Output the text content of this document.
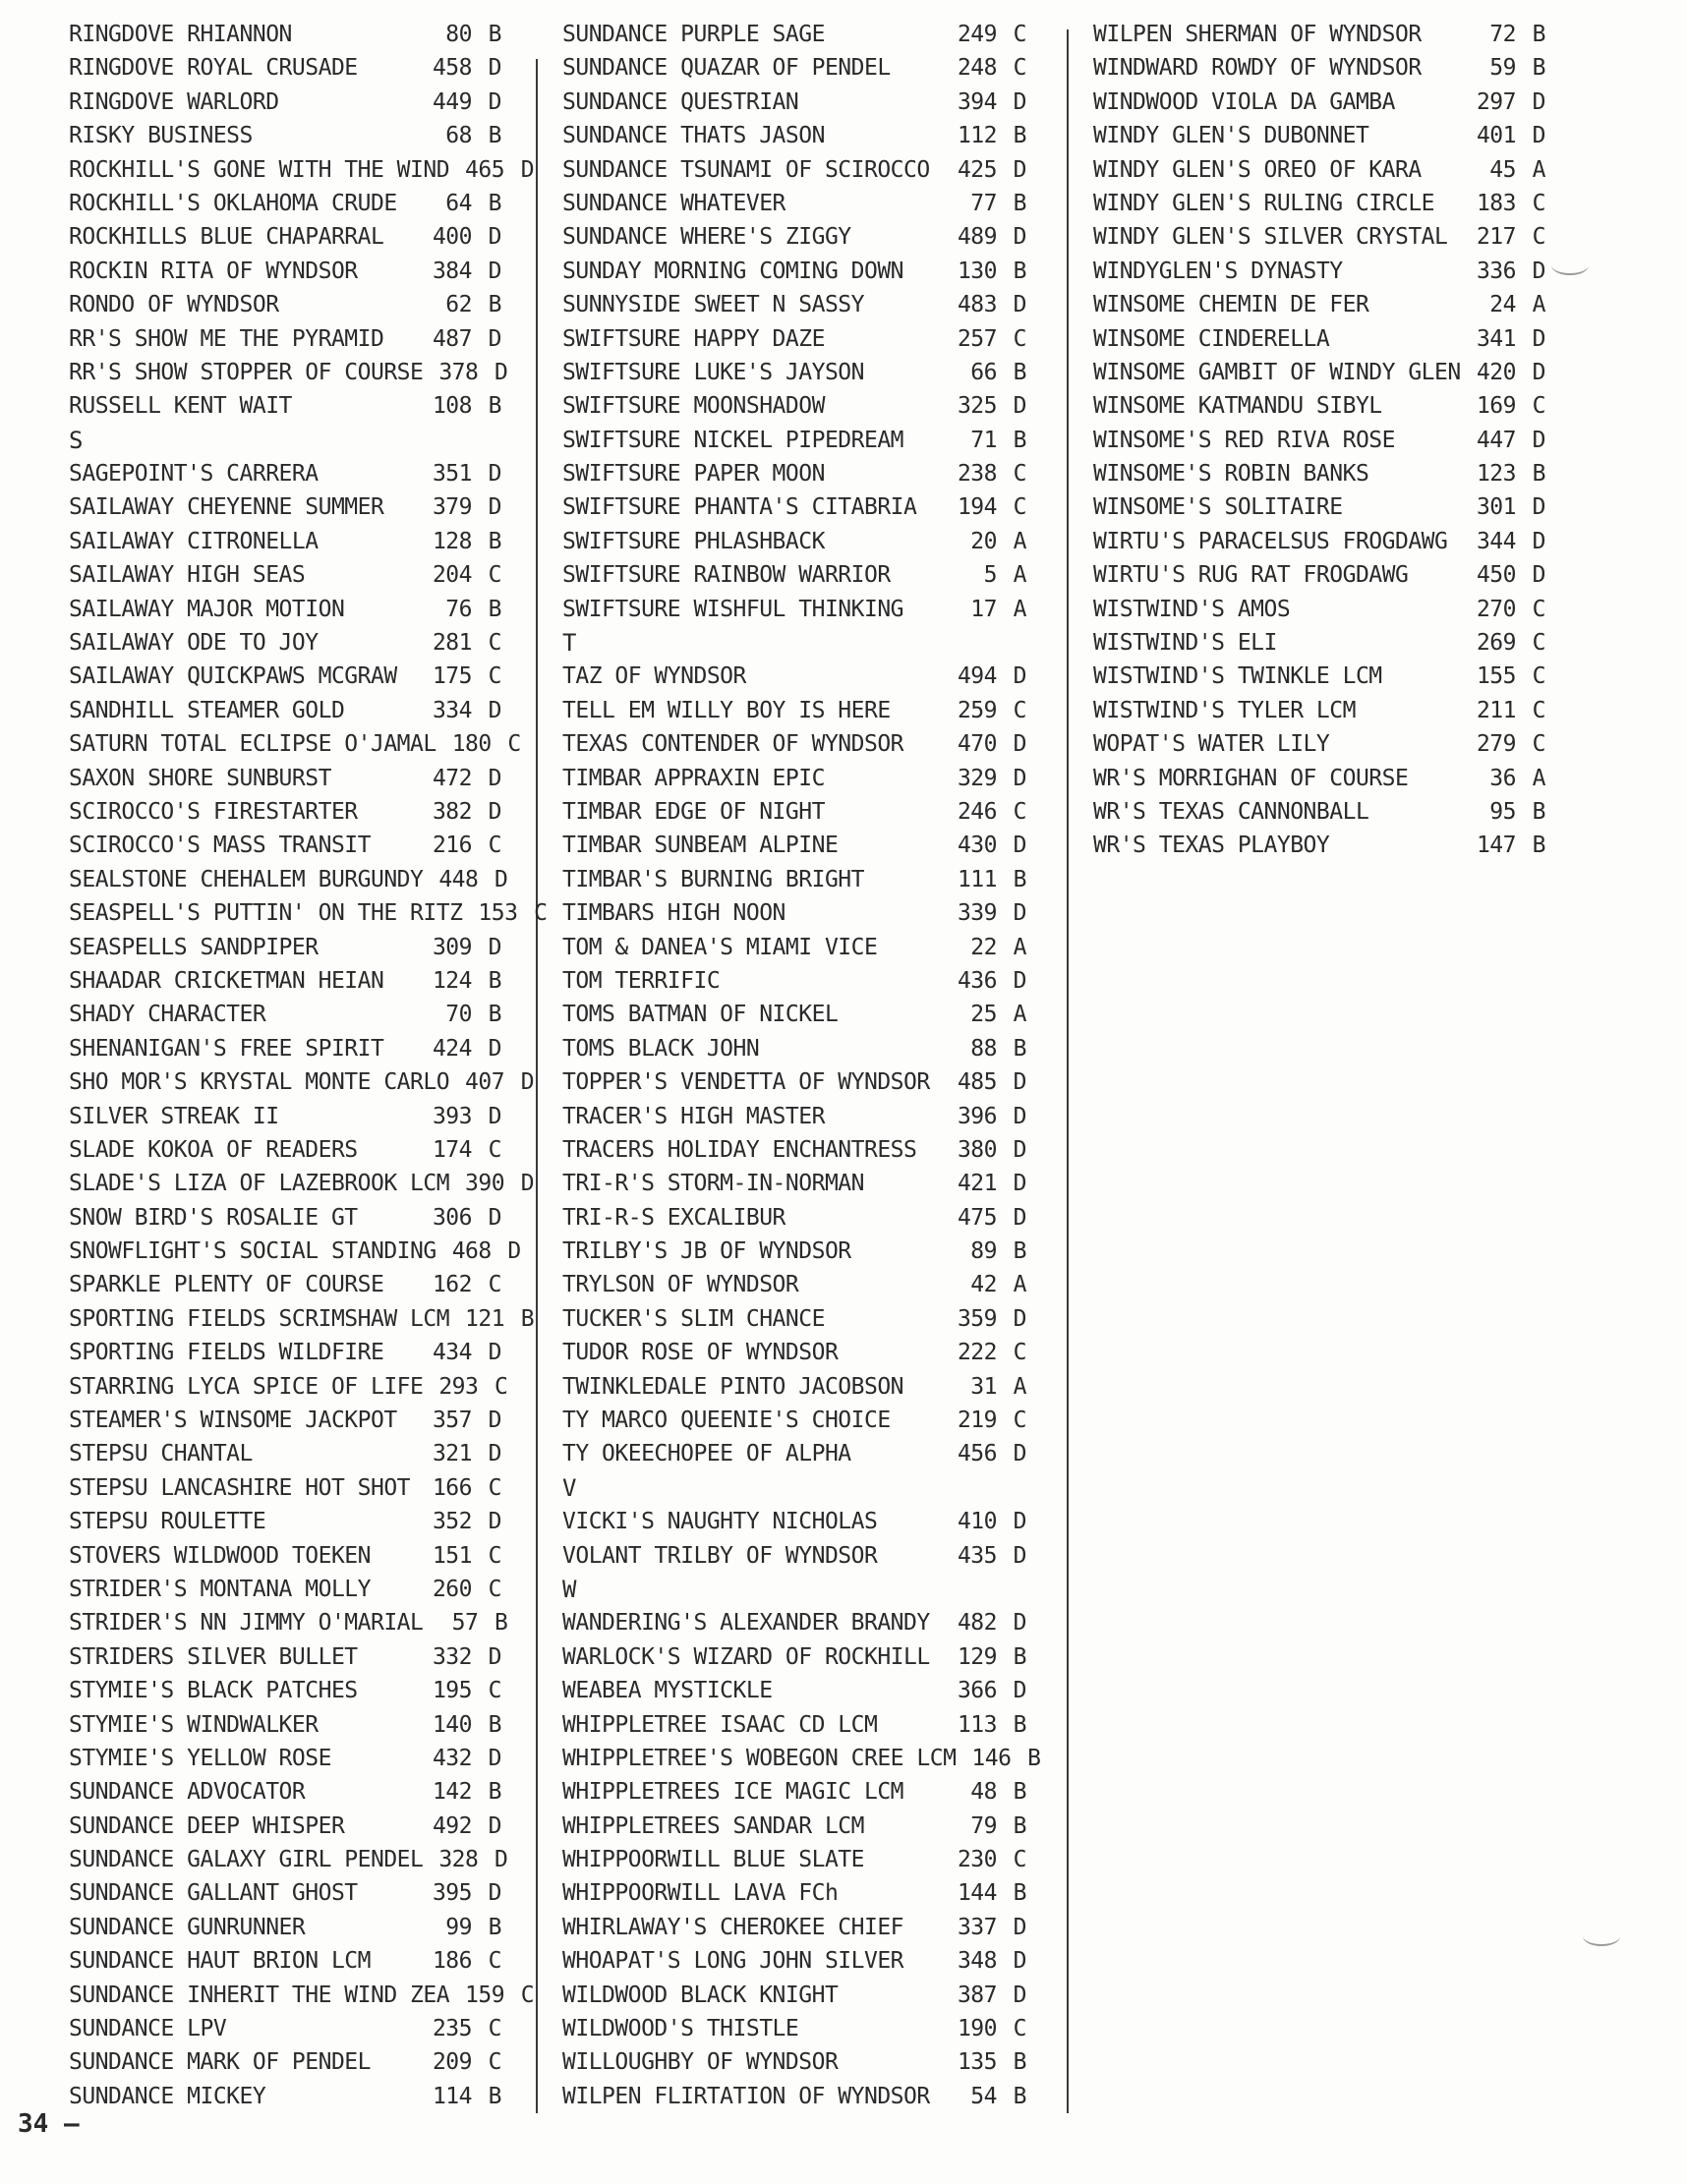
RINGDOVE RHIANNON	80 B
RINGDOVE ROYAL CRUSADE	458 D
RINGDOVE WARLORD	449 D
RISKY BUSINESS	68 B
ROCKHILL'S GONE WITH THE WIND 465 D
ROCKHILL'S OKLAHOMA CRUDE	64 B
ROCKHILLS BLUE CHAPARRAL	400 D
ROCKIN RITA OF WYNDSOR	384 D
RONDO OF WYNDSOR	62 B
RR'S SHOW ME THE PYRAMID	487 D
RR'S SHOW STOPPER OF COURSE 378 D
RUSSELL KENT WAIT	108 B
S
SAGEPOINT'S CARRERA	351 D
SAILAWAY CHEYENNE SUMMER	379 D
SAILAWAY CITRONELLA	128 B
SAILAWAY HIGH SEAS	204 C
SAILAWAY MAJOR MOTION	76 B
SAILAWAY ODE TO JOY	281 C
SAILAWAY QUICKPAWS MCGRAW	175 C
SANDHILL STEAMER GOLD	334 D
SATURN TOTAL ECLIPSE O'JAMAL 180 C
SAXON SHORE SUNBURST	472 D
SCIROCCO'S FIRESTARTER	382 D
SCIROCCO'S MASS TRANSIT	216 C
SEALSTONE CHEHALEM BURGUNDY 448 D
SEASPELL'S PUTTIN' ON THE RITZ 153 C
SEASPELLS SANDPIPER	309 D
SHAADAR CRICKETMAN HEIAN	124 B
SHADY CHARACTER	70 B
SHENANIGAN'S FREE SPIRIT	424 D
SHO MOR'S KRYSTAL MONTE CARLO 407 D
SILVER STREAK II	393 D
SLADE KOKOA OF READERS	174 C
SLADE'S LIZA OF LAZEBROOK LCM 390 D
SNOW BIRD'S ROSALIE GT	306 D
SNOWFLIGHT'S SOCIAL STANDING 468 D
SPARKLE PLENTY OF COURSE	162 C
SPORTING FIELDS SCRIMSHAW LCM 121 B
SPORTING FIELDS WILDFIRE	434 D
STARRING LYCA SPICE OF LIFE 293 C
STEAMER'S WINSOME JACKPOT	357 D
STEPSU CHANTAL	321 D
STEPSU LANCASHIRE HOT SHOT 166 C
STEPSU ROULETTE	352 D
STOVERS WILDWOOD TOEKEN	151 C
STRIDER'S MONTANA MOLLY	260 C
STRIDER'S NN JIMMY O'MARIAL	57 B
STRIDERS SILVER BULLET	332 D
STYMIE'S BLACK PATCHES	195 C
STYMIE'S WINDWALKER	140 B
STYMIE'S YELLOW ROSE	432 D
SUNDANCE ADVOCATOR	142 B
SUNDANCE DEEP WHISPER	492 D
SUNDANCE GALAXY GIRL PENDEL 328 D
SUNDANCE GALLANT GHOST	395 D
SUNDANCE GUNRUNNER	99 B
SUNDANCE HAUT BRION LCM	186 C
SUNDANCE INHERIT THE WIND ZEA 159 C
SUNDANCE LPV	235 C
SUNDANCE MARK OF PENDEL	209 C
SUNDANCE MICKEY	114 B
SUNDANCE PURPLE SAGE	249 C
SUNDANCE QUAZAR OF PENDEL	248 C
SUNDANCE QUESTRIAN	394 D
SUNDANCE THATS JASON	112 B
SUNDANCE TSUNAMI OF SCIROCCO	425 D
SUNDANCE WHATEVER	77 B
SUNDANCE WHERE'S ZIGGY	489 D
SUNDAY MORNING COMING DOWN	130 B
SUNNYSIDE SWEET N SASSY	483 D
SWIFTSURE HAPPY DAZE	257 C
SWIFTSURE LUKE'S JAYSON	66 B
SWIFTSURE MOONSHADOW	325 D
SWIFTSURE NICKEL PIPEDREAM	71 B
SWIFTSURE PAPER MOON	238 C
SWIFTSURE PHANTA'S CITABRIA	194 C
SWIFTSURE PHLASHBACK	20 A
SWIFTSURE RAINBOW WARRIOR	5 A
SWIFTSURE WISHFUL THINKING	17 A
T
TAZ OF WYNDSOR	494 D
TELL EM WILLY BOY IS HERE	259 C
TEXAS CONTENDER OF WYNDSOR	470 D
TIMBAR APPRAXIN EPIC	329 D
TIMBAR EDGE OF NIGHT	246 C
TIMBAR SUNBEAM ALPINE	430 D
TIMBAR'S BURNING BRIGHT	111 B
TIMBARS HIGH NOON	339 D
TOM & DANEA'S MIAMI VICE	22 A
TOM TERRIFIC	436 D
TOMS BATMAN OF NICKEL	25 A
TOMS BLACK JOHN	88 B
TOPPER'S VENDETTA OF WYNDSOR	485 D
TRACER'S HIGH MASTER	396 D
TRACERS HOLIDAY ENCHANTRESS	380 D
TRI-R'S STORM-IN-NORMAN	421 D
TRI-R-S EXCALIBUR	475 D
TRILBY'S JB OF WYNDSOR	89 B
TRYLSON OF WYNDSOR	42 A
TUCKER'S SLIM CHANCE	359 D
TUDOR ROSE OF WYNDSOR	222 C
TWINKLEDALE PINTO JACOBSON	31 A
TY MARCO QUEENIE'S CHOICE	219 C
TY OKEECHOPEE OF ALPHA	456 D
V
VICKI'S NAUGHTY NICHOLAS	410 D
VOLANT TRILBY OF WYNDSOR	435 D
W
WANDERING'S ALEXANDER BRANDY	482 D
WARLOCK'S WIZARD OF ROCKHILL	129 B
WEABEA MYSTICKLE	366 D
WHIPPLETREE ISAAC CD LCM	113 B
WHIPPLETREE'S WOBEGON CREE LCM 146 B
WHIPPLETREES ICE MAGIC LCM	48 B
WHIPPLETREES SANDAR LCM	79 B
WHIPPOORWILL BLUE SLATE	230 C
WHIPPOORWILL LAVA FCh	144 B
WHIRLAWAY'S CHEROKEE CHIEF	337 D
WHOAPAT'S LONG JOHN SILVER	348 D
WILDWOOD BLACK KNIGHT	387 D
WILDWOOD'S THISTLE	190 C
WILLOUGHBY OF WYNDSOR	135 B
WILPEN FLIRTATION OF WYNDSOR	54 B
WILPEN SHERMAN OF WYNDSOR	72 B
WINDWARD ROWDY OF WYNDSOR	59 B
WINDWOOD VIOLA DA GAMBA	297 D
WINDY GLEN'S DUBONNET	401 D
WINDY GLEN'S OREO OF KARA	45 A
WINDY GLEN'S RULING CIRCLE	183 C
WINDY GLEN'S SILVER CRYSTAL	217 C
WINDYGLEN'S DYNASTY	336 D
WINSOME CHEMIN DE FER	24 A
WINSOME CINDERELLA	341 D
WINSOME GAMBIT OF WINDY GLEN 420 D
WINSOME KATMANDU SIBYL	169 C
WINSOME'S RED RIVA ROSE	447 D
WINSOME'S ROBIN BANKS	123 B
WINSOME'S SOLITAIRE	301 D
WIRTU'S PARACELSUS FROGDAWG	344 D
WIRTU'S RUG RAT FROGDAWG	450 D
WISTWIND'S AMOS	270 C
WISTWIND'S ELI	269 C
WISTWIND'S TWINKLE LCM	155 C
WISTWIND'S TYLER LCM	211 C
WOPAT'S WATER LILY	279 C
WR'S MORRIGHAN OF COURSE	36 A
WR'S TEXAS CANNONBALL	95 B
WR'S TEXAS PLAYBOY	147 B
34 –
